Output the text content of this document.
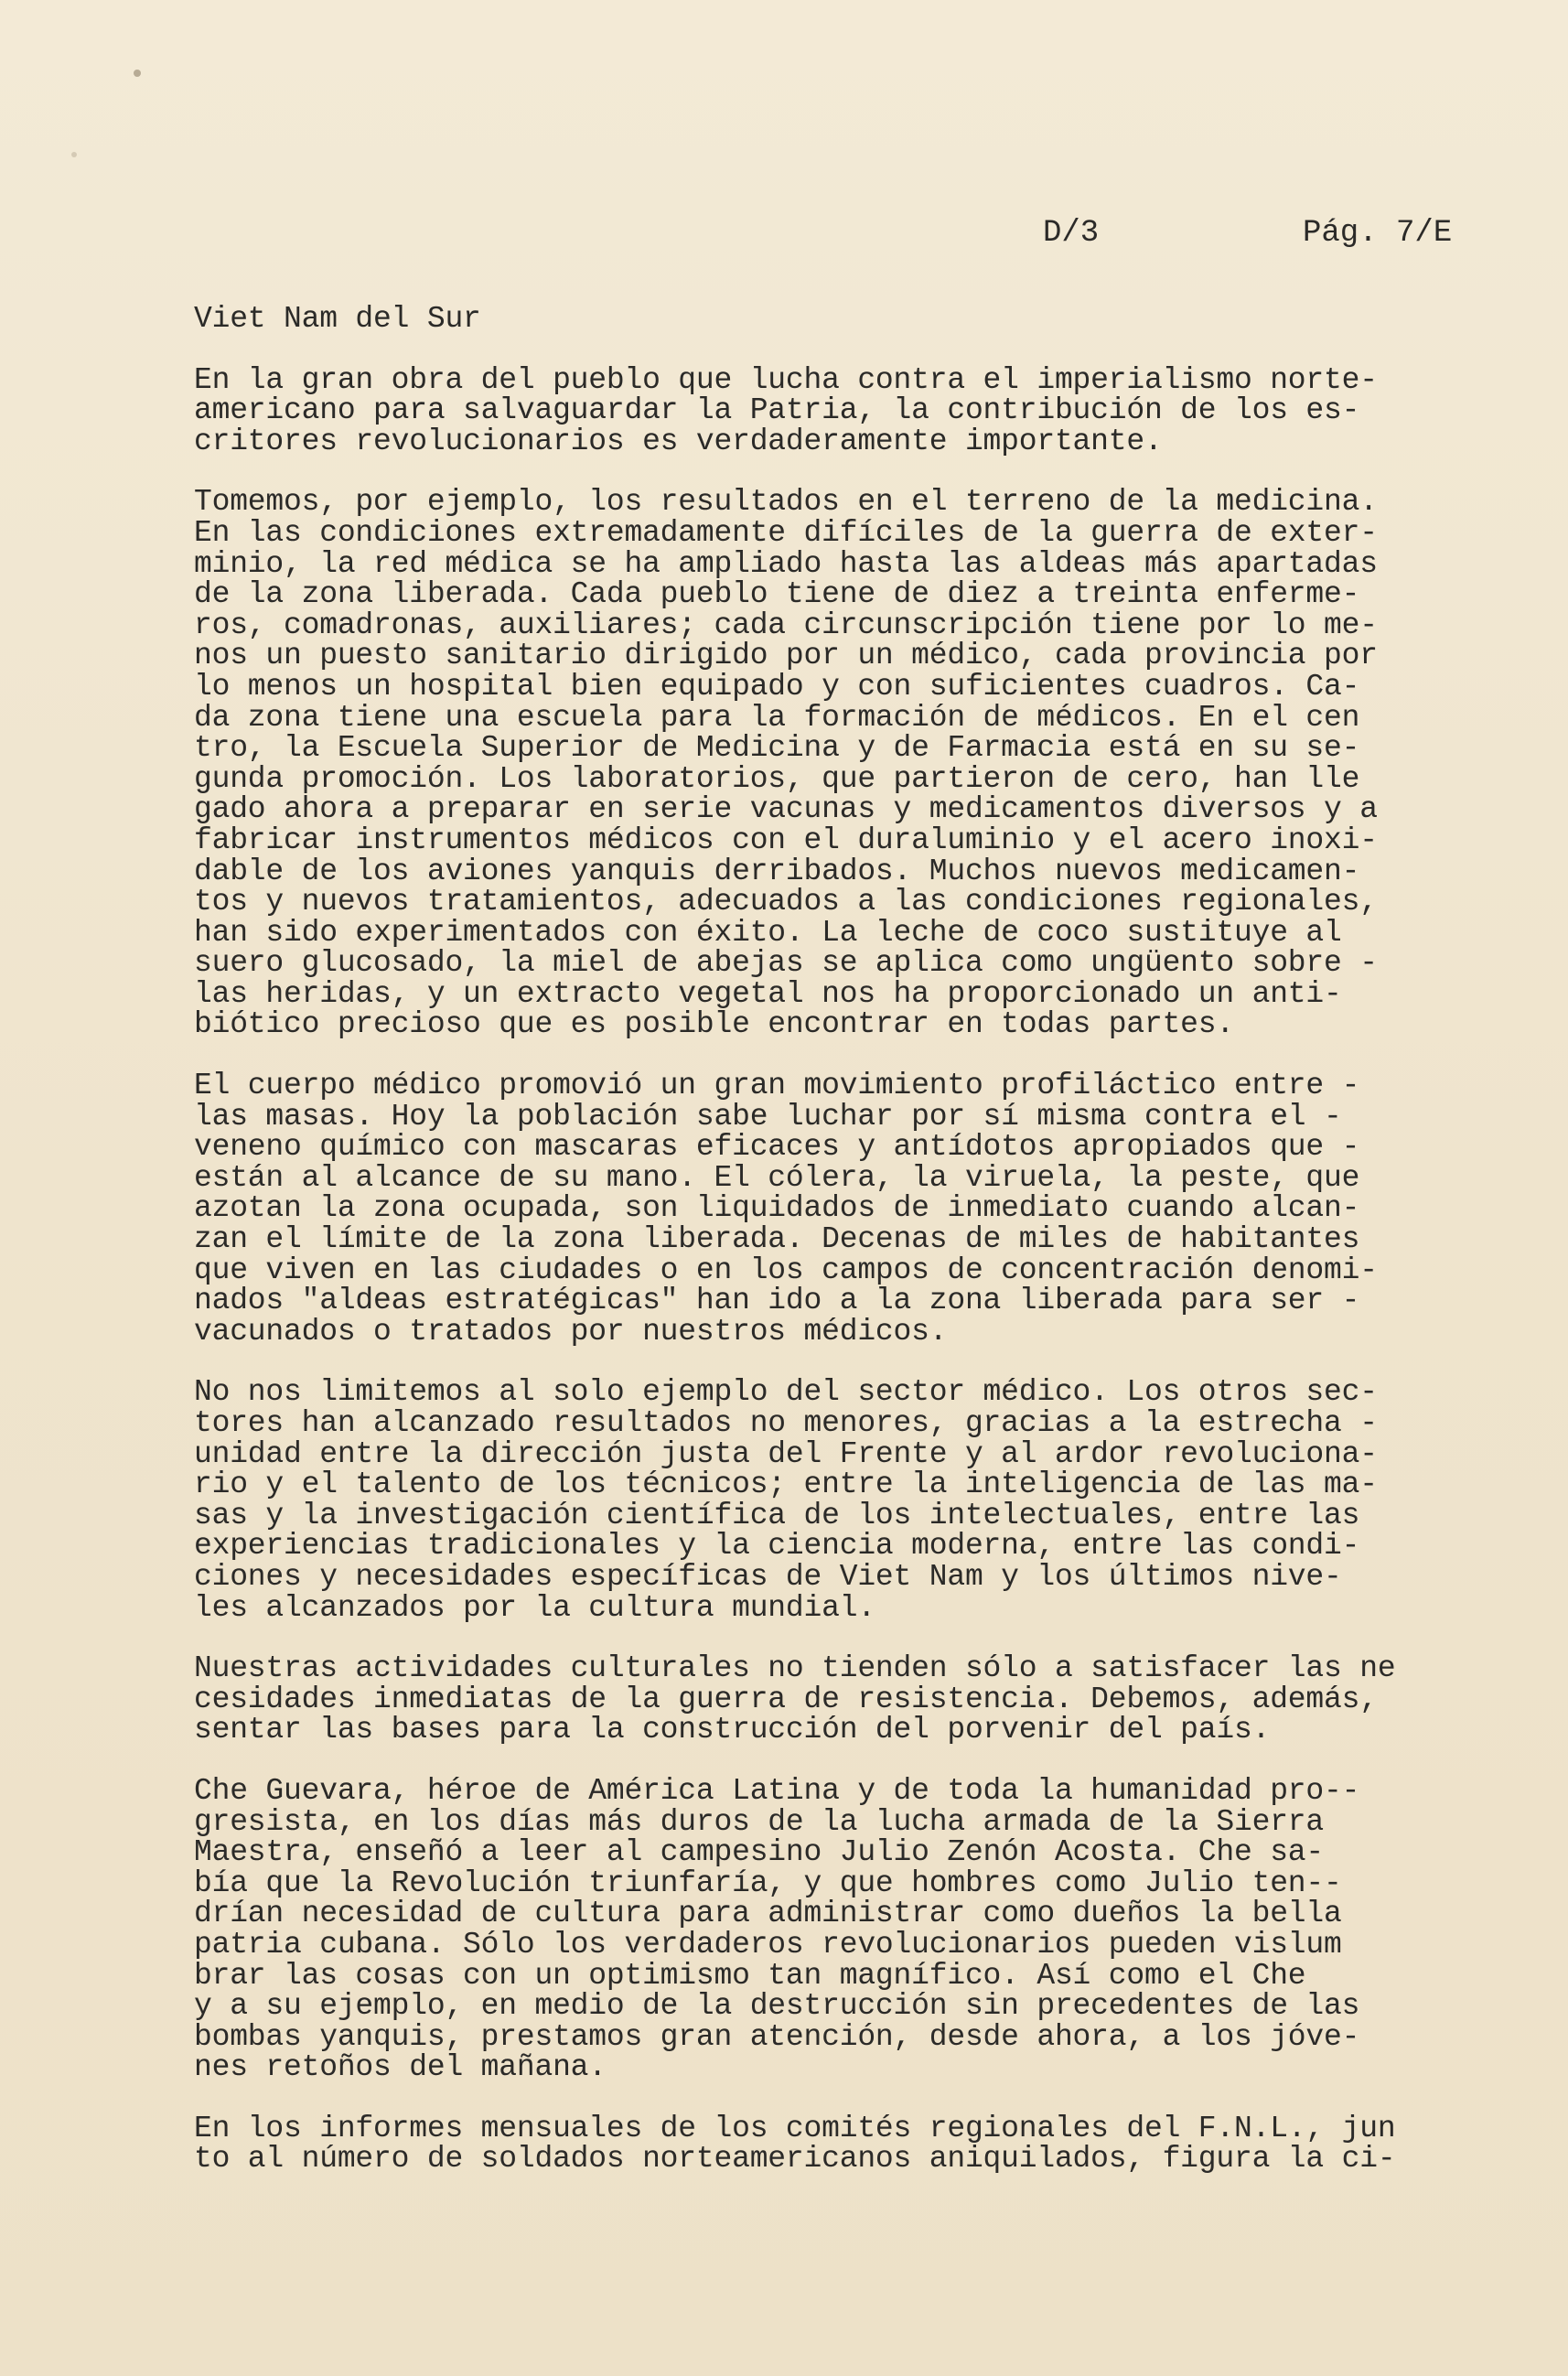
D/3	Pág. 7/E
Viet Nam del Sur
En la gran obra del pueblo que lucha contra el imperialismo norte-
americano para salvaguardar la Patria, la contribución de los es-
critores revolucionarios es verdaderamente importante.
Tomemos, por ejemplo, los resultados en el terreno de la medicina.
En las condiciones extremadamente difíciles de la guerra de exter-
minio, la red médica se ha ampliado hasta las aldeas más apartadas
de la zona liberada. Cada pueblo tiene de diez a treinta enferme-
ros, comadronas, auxiliares; cada circunscripción tiene por lo me-
nos un puesto sanitario dirigido por un médico, cada provincia por
lo menos un hospital bien equipado y con suficientes cuadros. Ca-
da zona tiene una escuela para la formación de médicos. En el cen
tro, la Escuela Superior de Medicina y de Farmacia está en su se-
gunda promoción. Los laboratorios, que partieron de cero, han lle
gado ahora a preparar en serie vacunas y medicamentos diversos y a
fabricar instrumentos médicos con el duraluminio y el acero inoxi-
dable de los aviones yanquis derribados. Muchos nuevos medicamen-
tos y nuevos tratamientos, adecuados a las condiciones regionales,
han sido experimentados con éxito. La leche de coco sustituye al
suero glucosado, la miel de abejas se aplica como ungüento sobre -
las heridas, y un extracto vegetal nos ha proporcionado un anti-
biótico precioso que es posible encontrar en todas partes.
El cuerpo médico promovió un gran movimiento profiláctico entre -
las masas. Hoy la población sabe luchar por sí misma contra el -
veneno químico con mascaras eficaces y antídotos apropiados que -
están al alcance de su mano. El cólera, la viruela, la peste, que
azotan la zona ocupada, son liquidados de inmediato cuando alcan-
zan el límite de la zona liberada. Decenas de miles de habitantes
que viven en las ciudades o en los campos de concentración denomi-
nados "aldeas estratégicas" han ido a la zona liberada para ser -
vacunados o tratados por nuestros médicos.
No nos limitemos al solo ejemplo del sector médico. Los otros sec-
tores han alcanzado resultados no menores, gracias a la estrecha -
unidad entre la dirección justa del Frente y al ardor revoluciona-
rio y el talento de los técnicos; entre la inteligencia de las ma-
sas y la investigación científica de los intelectuales, entre las
experiencias tradicionales y la ciencia moderna, entre las condi-
ciones y necesidades específicas de Viet Nam y los últimos nive-
les alcanzados por la cultura mundial.
Nuestras actividades culturales no tienden sólo a satisfacer las ne
cesidades inmediatas de la guerra de resistencia. Debemos, además,
sentar las bases para la construcción del porvenir del país.
Che Guevara, héroe de América Latina y de toda la humanidad pro--
gresista, en los días más duros de la lucha armada de la Sierra
Maestra, enseñó a leer al campesino Julio Zenón Acosta. Che sa-
bía que la Revolución triunfaría, y que hombres como Julio ten--
drían necesidad de cultura para administrar como dueños la bella
patria cubana. Sólo los verdaderos revolucionarios pueden vislum
brar las cosas con un optimismo tan magnífico. Así como el Che
y a su ejemplo, en medio de la destrucción sin precedentes de las
bombas yanquis, prestamos gran atención, desde ahora, a los jóve-
nes retoños del mañana.
En los informes mensuales de los comités regionales del F.N.L., jun
to al número de soldados norteamericanos aniquilados, figura la ci-
